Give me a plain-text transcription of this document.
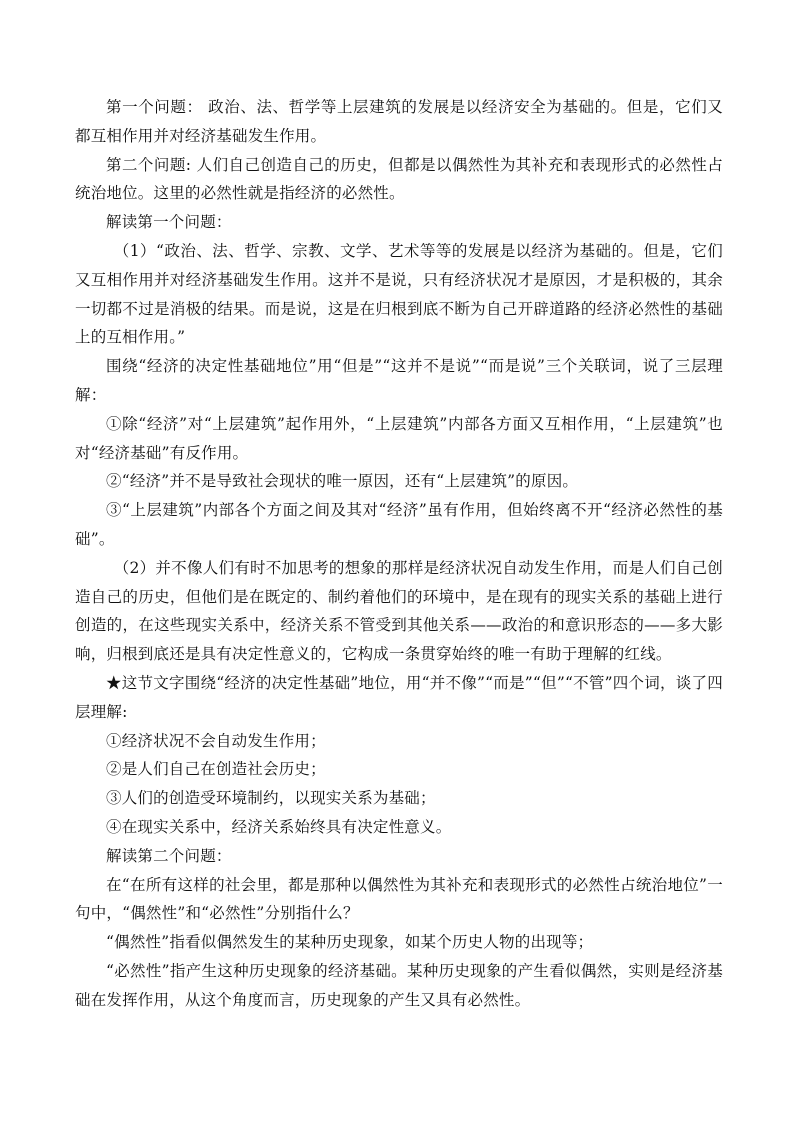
第一个问题： 政治、法、哲学等上层建筑的发展是以经济安全为基础的。但是，它们又都互相作用并对经济基础发生作用。

第二个问题: 人们自己创造自己的历史，但都是以偶然性为其补充和表现形式的必然性占统治地位。这里的必然性就是指经济的必然性。

解读第一个问题：

（1）“政治、法、哲学、宗教、文学、艺术等等的发展是以经济为基础的。但是，它们又互相作用并对经济基础发生作用。这并不是说，只有经济状况才是原因，才是积极的，其余一切都不过是消极的结果。而是说，这是在归根到底不断为自己开辟道路的经济必然性的基础上的互相作用。”

围绕“经济的决定性基础地位”用“但是”“这并不是说”“而是说”三个关联词，说了三层理解：

①除“经济”对“上层建筑”起作用外，“上层建筑”内部各方面又互相作用，“上层建筑”也对“经济基础”有反作用。

②“经济”并不是导致社会现状的唯一原因，还有“上层建筑”的原因。

③“上层建筑”内部各个方面之间及其对“经济”虽有作用，但始终离不开“经济必然性的基础”。

（2）并不像人们有时不加思考的想象的那样是经济状况自动发生作用，而是人们自己创造自己的历史，但他们是在既定的、制约着他们的环境中，是在现有的现实关系的基础上进行创造的，在这些现实关系中，经济关系不管受到其他关系——政治的和意识形态的——多大影响，归根到底还是具有决定性意义的，它构成一条贯穿始终的唯一有助于理解的红线。

★这节文字围绕“经济的决定性基础”地位，用“并不像”“而是”“但”“不管”四个词，谈了四层理解:

①经济状况不会自动发生作用；

②是人们自己在创造社会历史；

③人们的创造受环境制约，以现实关系为基础；

④在现实关系中，经济关系始终具有决定性意义。

解读第二个问题：

在“在所有这样的社会里，都是那种以偶然性为其补充和表现形式的必然性占统治地位”一句中，“偶然性”和“必然性”分别指什么？

“偶然性”指看似偶然发生的某种历史现象，如某个历史人物的出现等；

“必然性”指产生这种历史现象的经济基础。某种历史现象的产生看似偶然，实则是经济基础在发挥作用，从这个角度而言，历史现象的产生又具有必然性。
